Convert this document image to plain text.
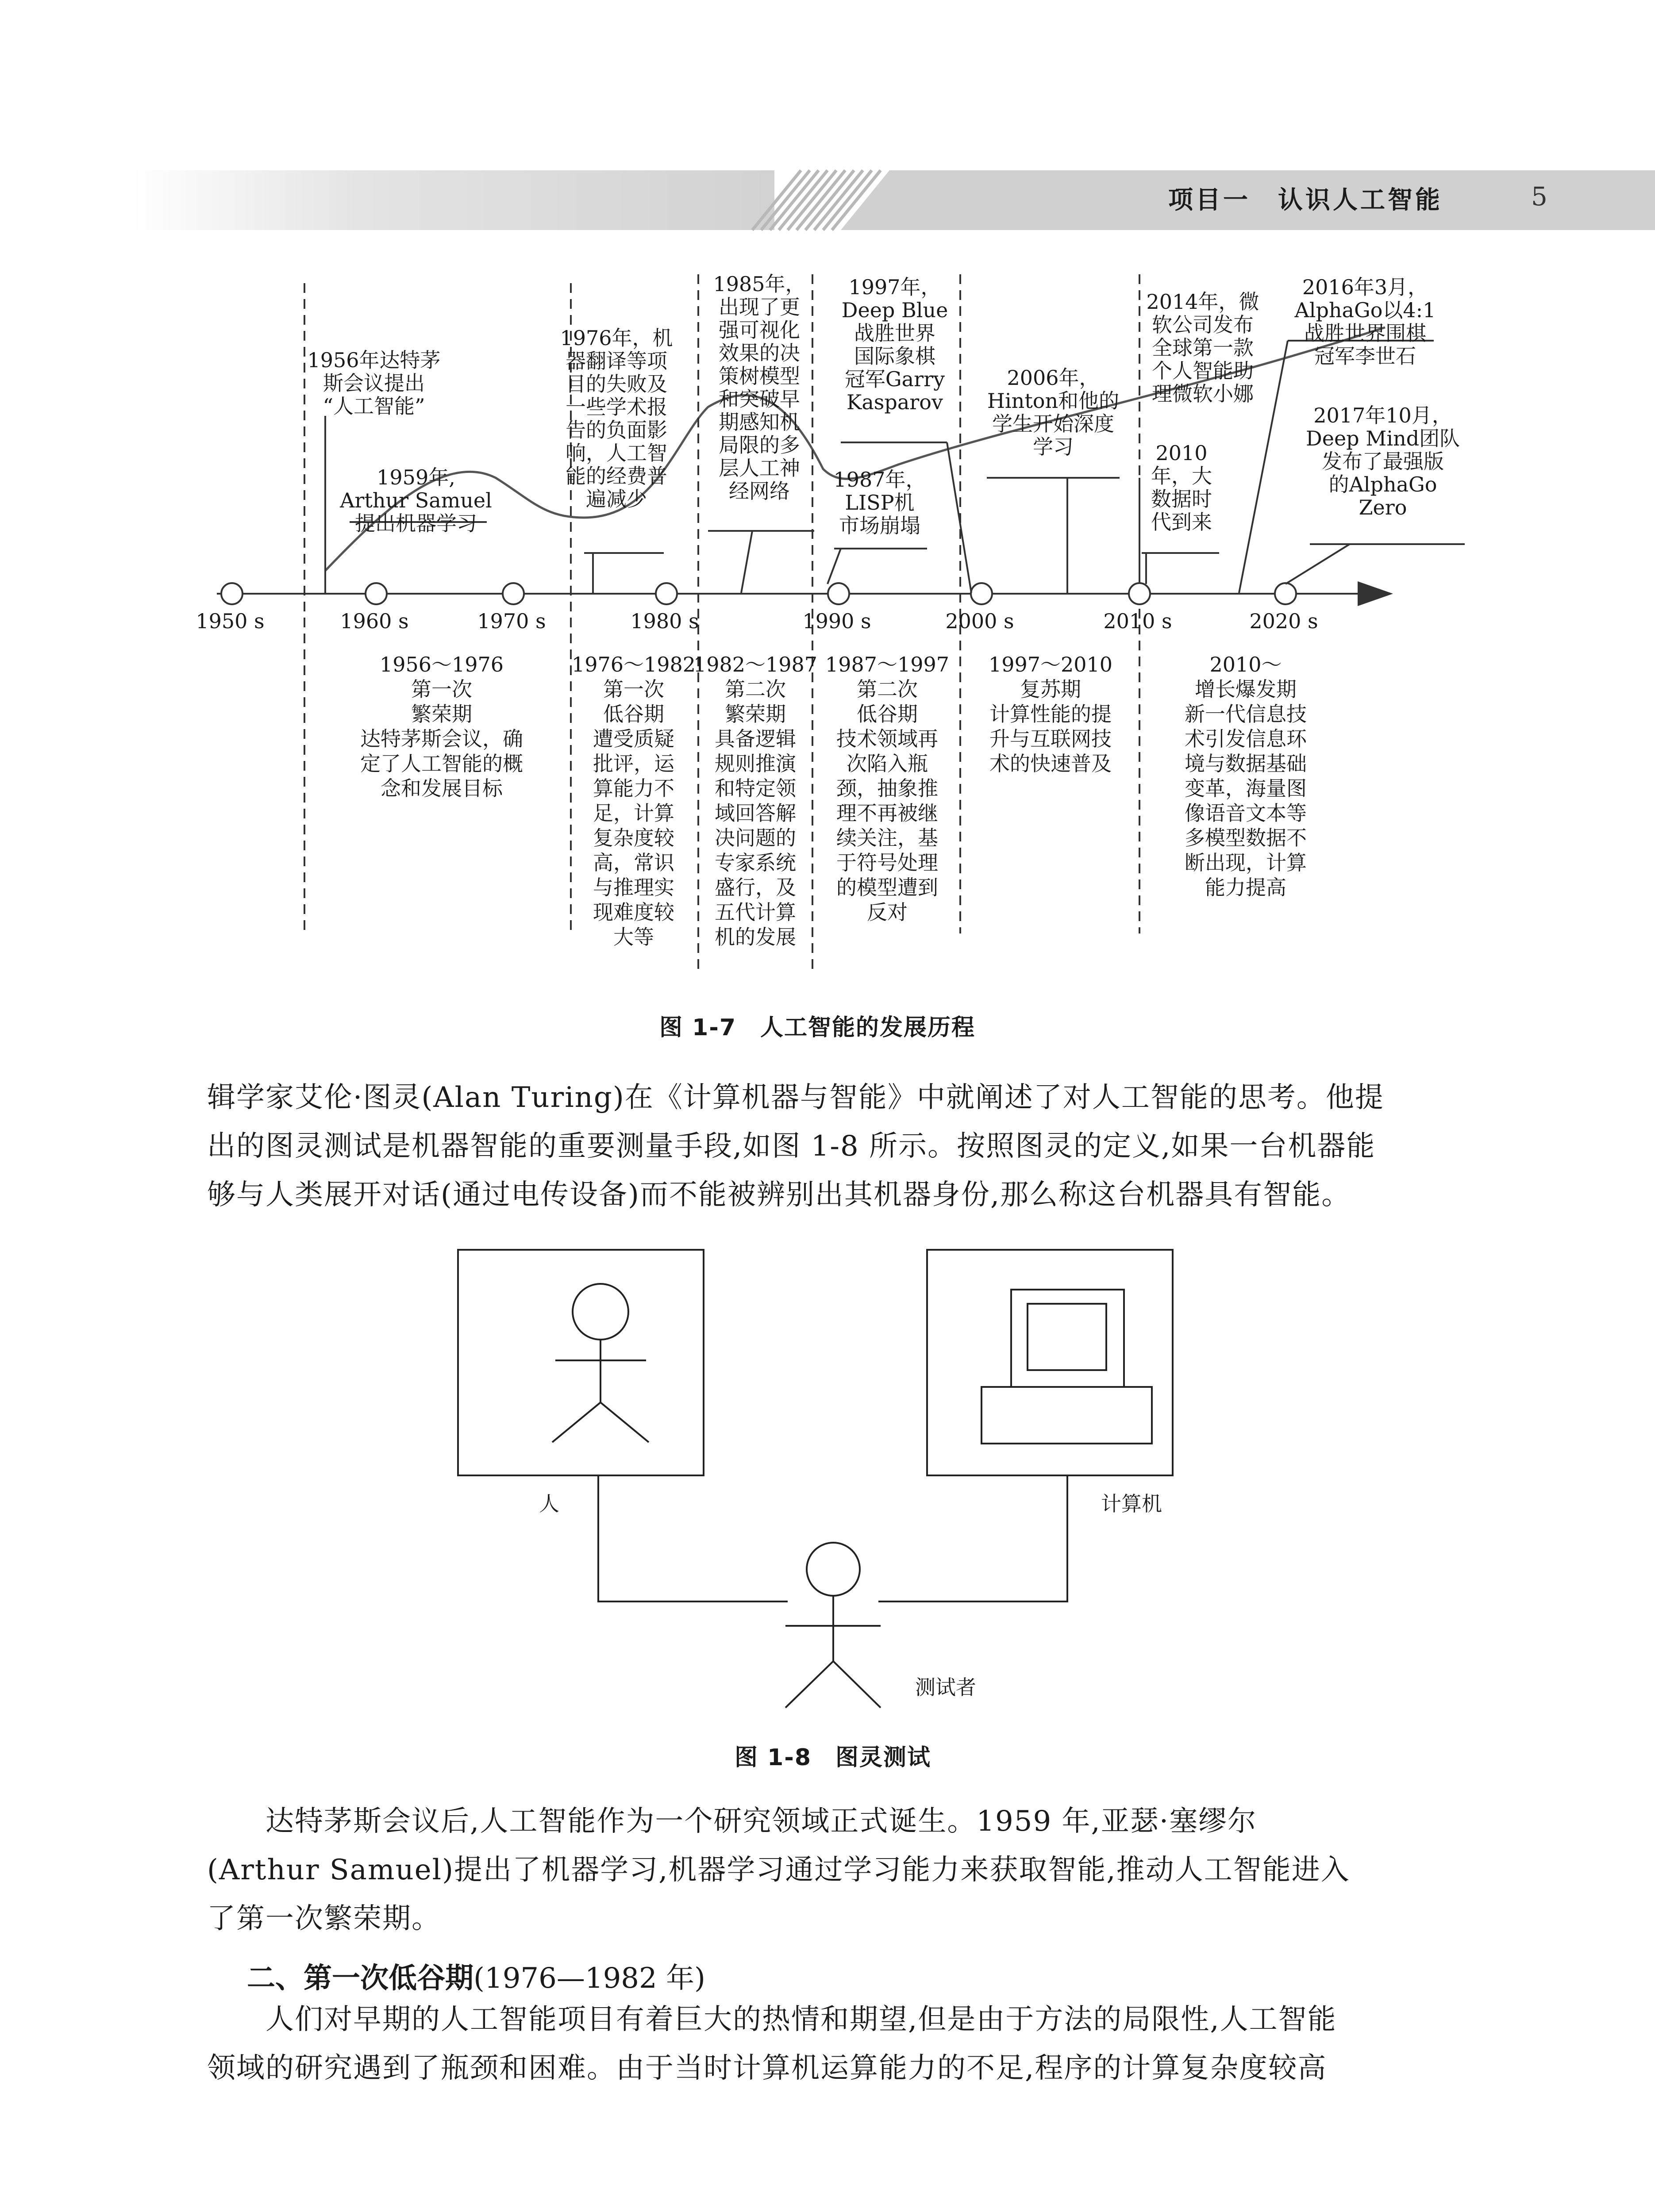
项目一　认识人工智能	5
1950 s	1960 s	1970 s	1980 s	1990 s	2000 s	2010 s	2020 s
1956年达特茅
斯会议提出
“人工智能”
1959年,
Arthur Samuel
提出机器学习
1976年，机
器翻译等项
目的失败及
一些学术报
告的负面影
响，人工智
能的经费普
遍减少
1985年，
出现了更
强可视化
效果的决
策树模型
和突破早
期感知机
局限的多
层人工神
经网络
1997年，
Deep Blue
战胜世界
国际象棋
冠军Garry
Kasparov
1987年，
LISP机
市场崩塌
2006年，
Hinton和他的
学生开始深度
学习
2014年，微
软公司发布
全球第一款
个人智能助
理微软小娜
2010
年，大
数据时
代到来
2016年3月，
AlphaGo以4:1
战胜世界围棋
冠军李世石
2017年10月，
Deep Mind团队
发布了最强版
的AlphaGo
Zero
1956～1976
第一次
繁荣期
达特茅斯会议，确
定了人工智能的概
念和发展目标
1976～1982
第一次
低谷期
遭受质疑
批评，运
算能力不
足，计算
复杂度较
高，常识
与推理实
现难度较
大等
1982～1987
第二次
繁荣期
具备逻辑
规则推演
和特定领
域回答解
决问题的
专家系统
盛行，及
五代计算
机的发展
1987～1997
第二次
低谷期
技术领域再
次陷入瓶
颈，抽象推
理不再被继
续关注，基
于符号处理
的模型遭到
反对
1997～2010
复苏期
计算性能的提
升与互联网技
术的快速普及
2010～
增长爆发期
新一代信息技
术引发信息环
境与数据基础
变革，海量图
像语音文本等
多模型数据不
断出现，计算
能力提高
图 1-7　人工智能的发展历程
辑学家艾伦·图灵(Alan Turing)在《计算机器与智能》中就阐述了对人工智能的思考。他提
出的图灵测试是机器智能的重要测量手段,如图 1-8 所示。按照图灵的定义,如果一台机器能
够与人类展开对话(通过电传设备)而不能被辨别出其机器身份,那么称这台机器具有智能。
人	计算机
测试者
图 1-8　图灵测试
　　达特茅斯会议后,人工智能作为一个研究领域正式诞生。1959 年,亚瑟·塞缪尔
(Arthur Samuel)提出了机器学习,机器学习通过学习能力来获取智能,推动人工智能进入
了第一次繁荣期。
二、第一次低谷期(1976—1982 年)
　　人们对早期的人工智能项目有着巨大的热情和期望,但是由于方法的局限性,人工智能
领域的研究遇到了瓶颈和困难。由于当时计算机运算能力的不足,程序的计算复杂度较高
